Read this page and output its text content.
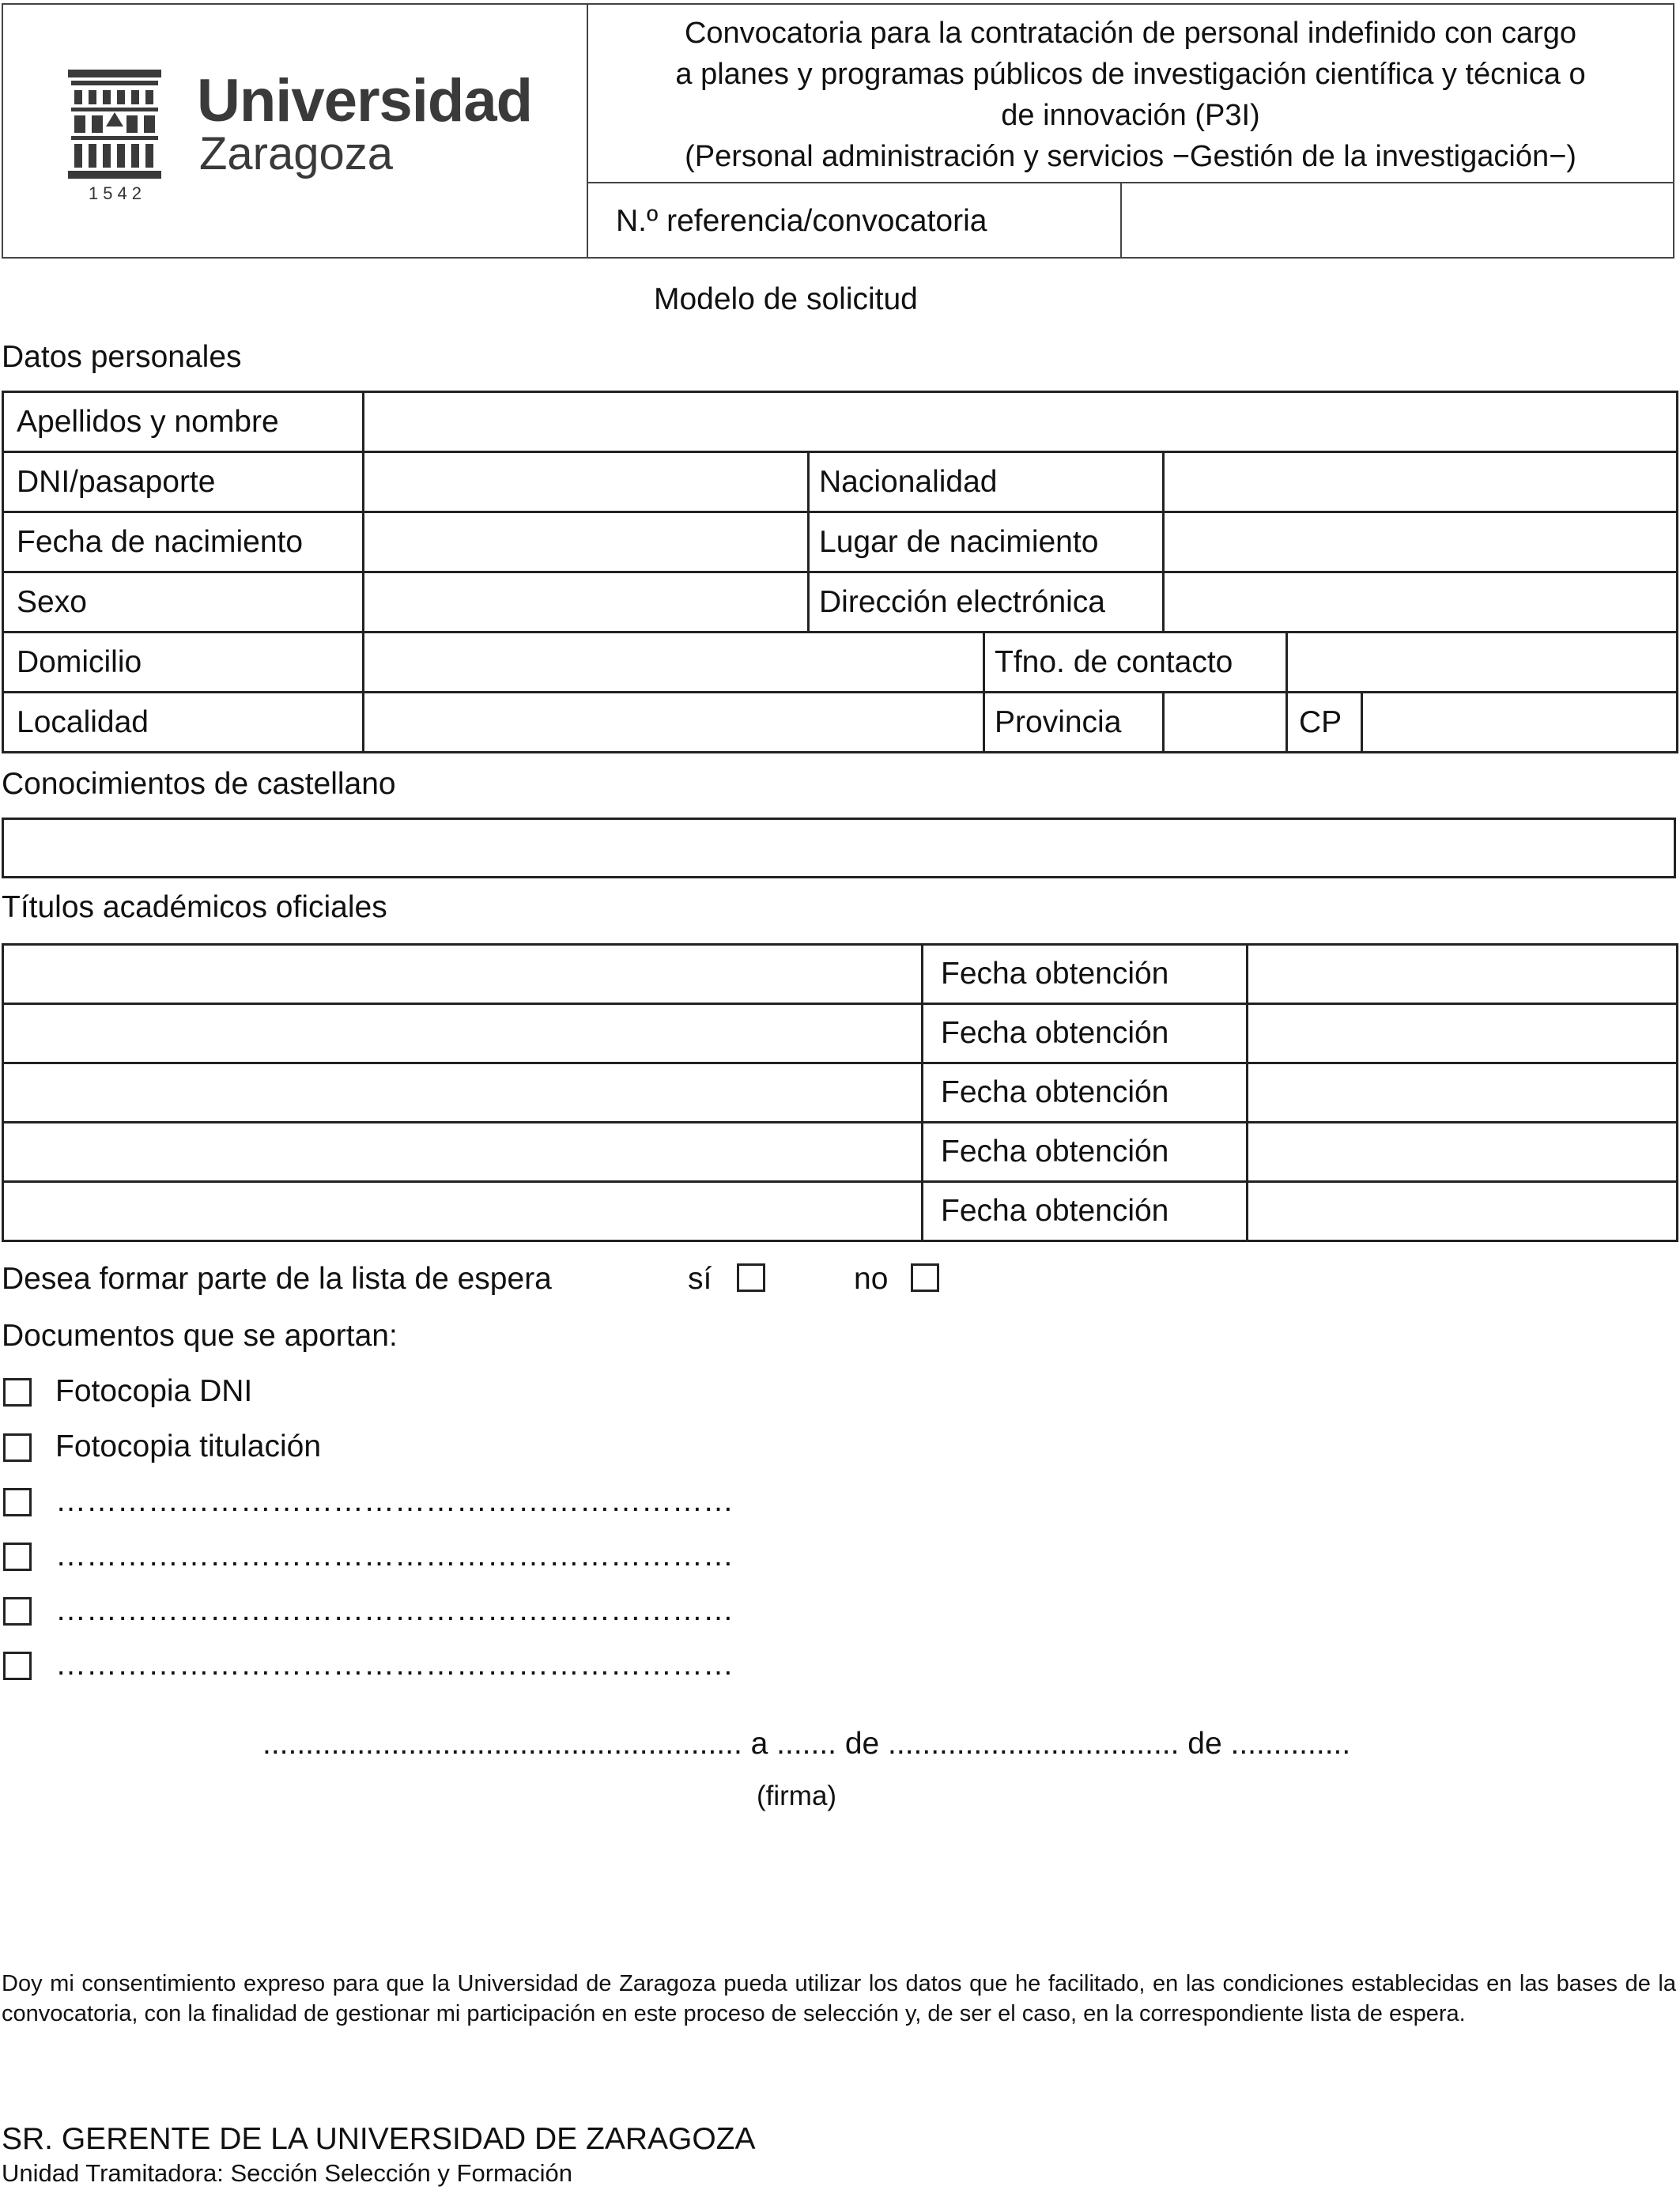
Universidad
Zaragoza
1542
Convocatoria para la contratación de personal indefinido con cargo
a planes y programas públicos de investigación científica y técnica o
de innovación (P3I)
(Personal administración y servicios −Gestión de la investigación−)
N.º referencia/convocatoria
Modelo de solicitud
Datos personales
Apellidos y nombre						
DNI/pasaporte		Nacionalidad				
Fecha de nacimiento		Lugar de nacimiento				
Sexo		Dirección electrónica				
Domicilio			Tfno. de contacto			
Localidad			Provincia		CP	
Conocimientos de castellano
Títulos académicos oficiales
	Fecha obtención	
	Fecha obtención	
	Fecha obtención	
	Fecha obtención	
	Fecha obtención	
Desea formar parte de la lista de espera	sí	no
Documentos que se aportan:
Fotocopia DNI
Fotocopia titulación
…………………………………………………………
…………………………………………………………
…………………………………………………………
…………………………………………………………
........................................................ a ....... de .................................. de ..............
(firma)
Doy mi consentimiento expreso para que la Universidad de Zaragoza pueda utilizar los datos que he facilitado, en las condiciones establecidas en las bases de la convocatoria, con la finalidad de gestionar mi participación en este proceso de selección y, de ser el caso, en la correspondiente lista de espera.
SR. GERENTE DE LA UNIVERSIDAD DE ZARAGOZA
Unidad Tramitadora: Sección Selección y Formación
